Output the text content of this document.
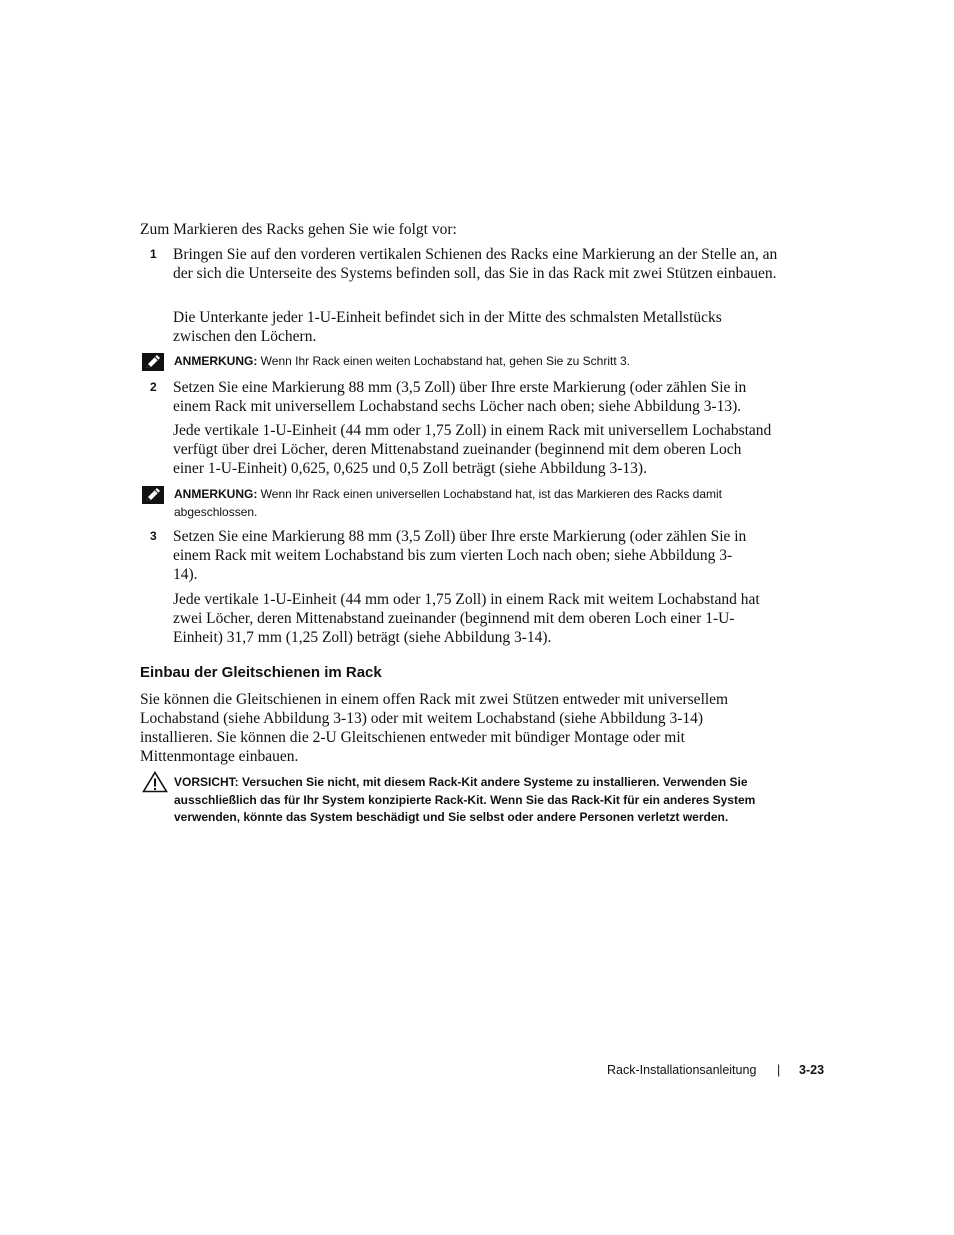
Zum Markieren des Racks gehen Sie wie folgt vor:
1 Bringen Sie auf den vorderen vertikalen Schienen des Racks eine Markierung an der Stelle an, an der sich die Unterseite des Systems befinden soll, das Sie in das Rack mit zwei Stützen einbauen.
Die Unterkante jeder 1-U-Einheit befindet sich in der Mitte des schmalsten Metallstücks zwischen den Löchern.
ANMERKUNG: Wenn Ihr Rack einen weiten Lochabstand hat, gehen Sie zu Schritt 3.
2 Setzen Sie eine Markierung 88 mm (3,5 Zoll) über Ihre erste Markierung (oder zählen Sie in einem Rack mit universellem Lochabstand sechs Löcher nach oben; siehe Abbildung 3-13).
Jede vertikale 1-U-Einheit (44 mm oder 1,75 Zoll) in einem Rack mit universellem Lochabstand verfügt über drei Löcher, deren Mittenabstand zueinander (beginnend mit dem oberen Loch einer 1-U-Einheit) 0,625, 0,625 und 0,5 Zoll beträgt (siehe Abbildung 3-13).
ANMERKUNG: Wenn Ihr Rack einen universellen Lochabstand hat, ist das Markieren des Racks damit abgeschlossen.
3 Setzen Sie eine Markierung 88 mm (3,5 Zoll) über Ihre erste Markierung (oder zählen Sie in einem Rack mit weitem Lochabstand bis zum vierten Loch nach oben; siehe Abbildung 3-14).
Jede vertikale 1-U-Einheit (44 mm oder 1,75 Zoll) in einem Rack mit weitem Lochabstand hat zwei Löcher, deren Mittenabstand zueinander (beginnend mit dem oberen Loch einer 1-U-Einheit) 31,7 mm (1,25 Zoll) beträgt (siehe Abbildung 3-14).
Einbau der Gleitschienen im Rack
Sie können die Gleitschienen in einem offen Rack mit zwei Stützen entweder mit universellem Lochabstand (siehe Abbildung 3-13) oder mit weitem Lochabstand (siehe Abbildung 3-14) installieren. Sie können die 2-U Gleitschienen entweder mit bündiger Montage oder mit Mittenmontage einbauen.
VORSICHT: Versuchen Sie nicht, mit diesem Rack-Kit andere Systeme zu installieren. Verwenden Sie ausschließlich das für Ihr System konzipierte Rack-Kit. Wenn Sie das Rack-Kit für ein anderes System verwenden, könnte das System beschädigt und Sie selbst oder andere Personen verletzt werden.
Rack-Installationsanleitung | 3-23
